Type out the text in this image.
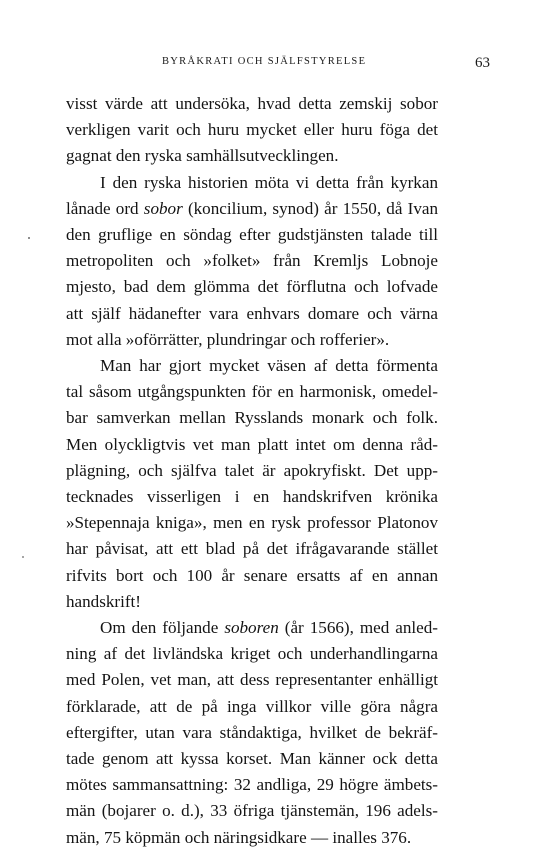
BYRÅKRATI OCH SJÄLFSTYRELSE	63
visst värde att undersöka, hvad detta zemskij sobor
verkligen varit och huru mycket eller huru föga det
gagnat den ryska samhällsutvecklingen.
I den ryska historien möta vi detta från kyrkan
lånade ord sobor (koncilium, synod) år 1550, då Ivan
den gruflige en söndag efter gudstjänsten talade till
metropoliten och »folket» från Kremljs Lobnoje
mjesto, bad dem glömma det förflutna och lofvade
att själf hädanefter vara enhvars domare och värna
mot alla »oförrätter, plundringar och rofferier».
Man har gjort mycket väsen af detta förmenta
tal såsom utgångspunkten för en harmonisk, omedel-
bar samverkan mellan Rysslands monark och folk.
Men olyckligtvis vet man platt intet om denna råd-
plägning, och själfva talet är apokryfiskt. Det upp-
tecknades visserligen i en handskrifven krönika
»Stepennaja kniga», men en rysk professor Platonov
har påvisat, att ett blad på det ifrågavarande stället
rifvits bort och 100 år senare ersatts af en annan
handskrift!
Om den följande soboren (år 1566), med anled-
ning af det livländska kriget och underhandlingarna
med Polen, vet man, att dess representanter enhälligt
förklarade, att de på inga villkor ville göra några
eftergifter, utan vara ståndaktiga, hvilket de bekräf-
tade genom att kyssa korset. Man känner ock detta
mötes sammansattning: 32 andliga, 29 högre ämbets-
män (bojarer o. d.), 33 öfriga tjänstemän, 196 adels-
män, 75 köpmän och näringsidkare — inalles 376.
